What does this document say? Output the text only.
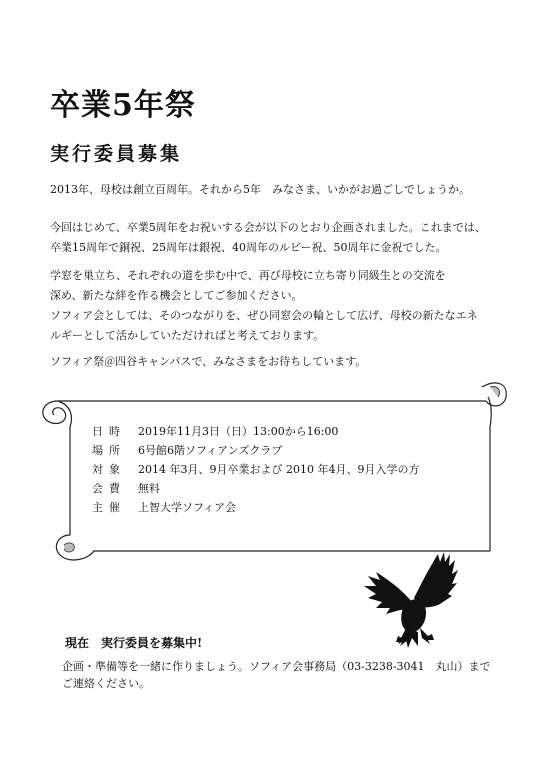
卒業5年祭
実行委員募集
2013年、母校は創立百周年。それから5年　みなさま、いかがお過ごしでしょうか。
今回はじめて、卒業5周年をお祝いする会が以下のとおり企画されました。これまでは、
卒業15周年で銅祝、25周年は銀祝、40周年のルビー祝、50周年に金祝でした。
学窓を巣立ち、それぞれの道を歩む中で、再び母校に立ち寄り同級生との交流を
深め、新たな絆を作る機会としてご参加ください。
ソフィア会としては、そのつながりを、ぜひ同窓会の輪として広げ、母校の新たなエネ
ルギーとして活かしていただければと考えております。
ソフィア祭＠四谷キャンパスで、みなさまをお待ちしています。
日時	2019年11月3日（日）13:00から16:00
場所	6号館6階ソフィアンズクラブ
対象	2014 年3月、9月卒業および 2010 年4月、9月入学の方
会費	無料
主催	上智大学ソフィア会
現在　実行委員を募集中!
企画・準備等を一緒に作りましょう。ソフィア会事務局（03-3238-3041　丸山）まで
ご連絡ください。
